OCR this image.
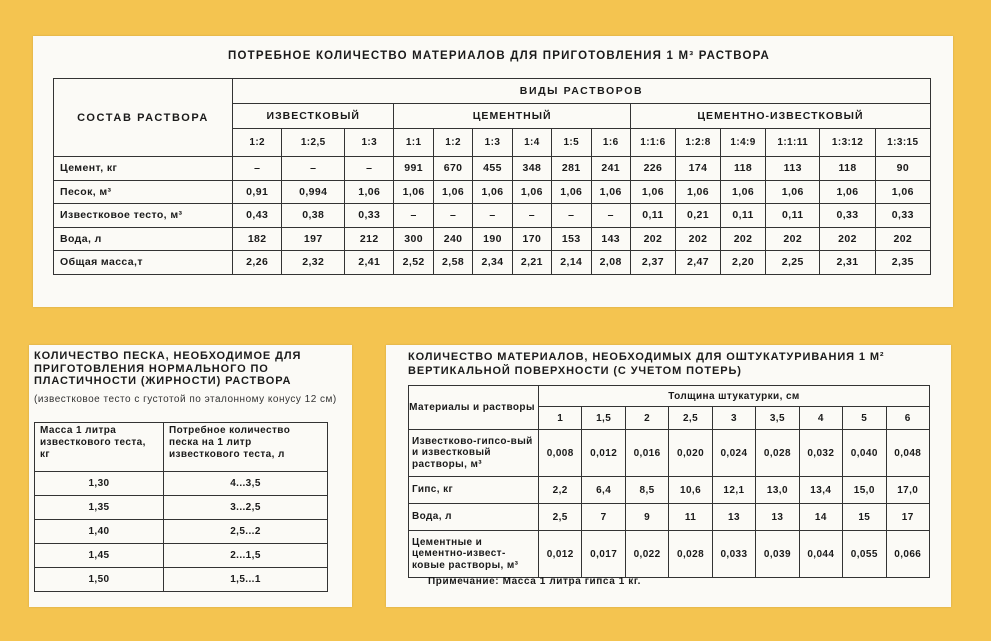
ПОТРЕБНОЕ КОЛИЧЕСТВО МАТЕРИАЛОВ ДЛЯ ПРИГОТОВЛЕНИЯ 1 М³ РАСТВОРА
СОСТАВ РАСТВОРА	ВИДЫ РАСТВОРОВ														
	ИЗВЕСТКОВЫЙ			ЦЕМЕНТНЫЙ						ЦЕМЕНТНО-ИЗВЕСТКОВЫЙ					
	1:2	1:2,5	1:3	1:1	1:2	1:3	1:4	1:5	1:6	1:1:6	1:2:8	1:4:9	1:1:11	1:3:12	1:3:15
Цемент, кг	–	–	–	991	670	455	348	281	241	226	174	118	113	118	90
Песок, м³	0,91	0,994	1,06	1,06	1,06	1,06	1,06	1,06	1,06	1,06	1,06	1,06	1,06	1,06	1,06
Известковое тесто, м³	0,43	0,38	0,33	–	–	–	–	–	–	0,11	0,21	0,11	0,11	0,33	0,33
Вода, л	182	197	212	300	240	190	170	153	143	202	202	202	202	202	202
Общая масса,т	2,26	2,32	2,41	2,52	2,58	2,34	2,21	2,14	2,08	2,37	2,47	2,20	2,25	2,31	2,35
КОЛИЧЕСТВО ПЕСКА, НЕОБХОДИМОЕ ДЛЯ ПРИГОТОВЛЕНИЯ НОРМАЛЬНОГО ПО ПЛАСТИЧНОСТИ (ЖИРНОСТИ) РАСТВОРА
(известковое тесто с густотой по эталонному конусу 12 см)
Масса 1 литра известкового теста, кг	Потребное количество песка на 1 литр известкового теста, л
1,30	4...3,5
1,35	3...2,5
1,40	2,5...2
1,45	2...1,5
1,50	1,5...1
КОЛИЧЕСТВО МАТЕРИАЛОВ, НЕОБХОДИМЫХ ДЛЯ ОШТУКАТУРИВАНИЯ 1 М²
ВЕРТИКАЛЬНОЙ ПОВЕРХНОСТИ (С УЧЕТОМ ПОТЕРЬ)
Материалы и растворы	Толщина штукатурки, см								
	1	1,5	2	2,5	3	3,5	4	5	6
Известково-гипсо-вый и известковый растворы, м³	0,008	0,012	0,016	0,020	0,024	0,028	0,032	0,040	0,048
Гипс, кг	2,2	6,4	8,5	10,6	12,1	13,0	13,4	15,0	17,0
Вода, л	2,5	7	9	11	13	13	14	15	17
Цементные и цементно-извест-ковые растворы, м³	0,012	0,017	0,022	0,028	0,033	0,039	0,044	0,055	0,066
Примечание: Масса 1 литра гипса 1 кг.
